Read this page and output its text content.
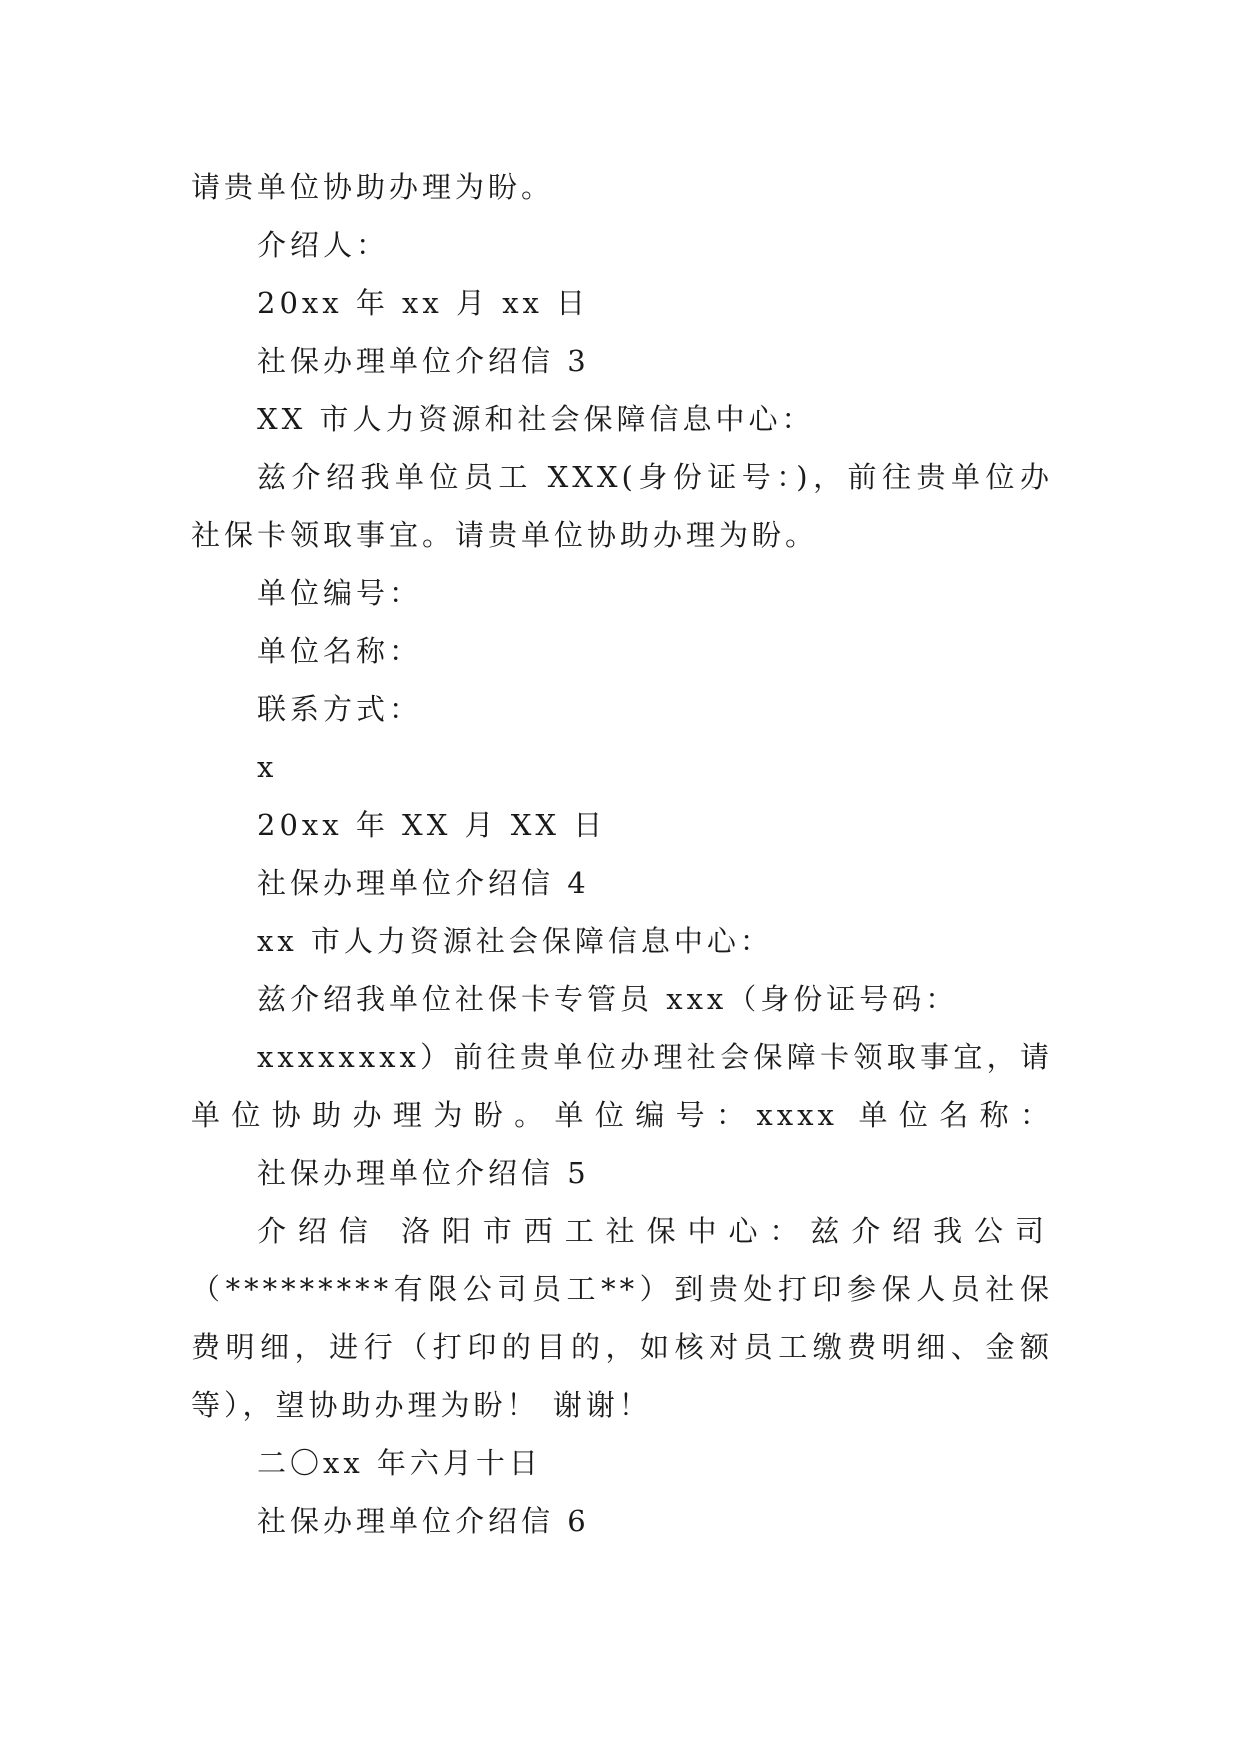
请贵单位协助办理为盼。
介绍人：
20xx 年 xx 月 xx 日
社保办理单位介绍信 3
XX 市人力资源和社会保障信息中心：
兹介绍我单位员工 XXX(身份证号：)，前往贵单位办
社保卡领取事宜。请贵单位协助办理为盼。
单位编号：
单位名称：
联系方式：
x
20xx 年 XX 月 XX 日
社保办理单位介绍信 4
xx 市人力资源社会保障信息中心：
兹介绍我单位社保卡专管员 xxx（身份证号码：
xxxxxxxx）前往贵单位办理社会保障卡领取事宜，请
单位协助办理为盼。单位编号：xxxx 单位名称：
社保办理单位介绍信 5
介绍信 洛阳市西工社保中心：兹介绍我公司
（*********有限公司员工**）到贵处打印参保人员社保
费明细，进行（打印的目的，如核对员工缴费明细、金额
等），望协助办理为盼！ 谢谢！
二〇xx 年六月十日
社保办理单位介绍信 6
